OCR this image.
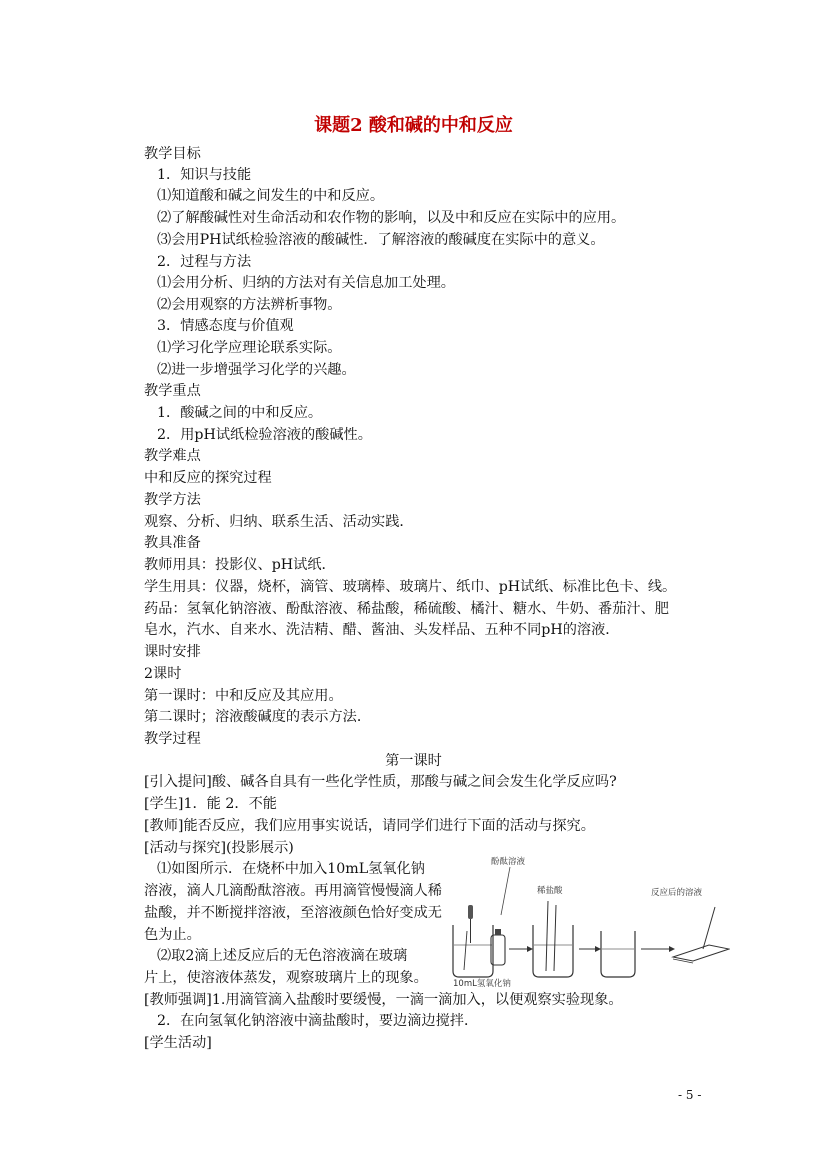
课题2 酸和碱的中和反应
教学目标
1．知识与技能
⑴知道酸和碱之间发生的中和反应。
⑵了解酸碱性对生命活动和农作物的影响，以及中和反应在实际中的应用。
⑶会用PH试纸检验溶液的酸碱性．了解溶液的酸碱度在实际中的意义。
2．过程与方法
⑴会用分析、归纳的方法对有关信息加工处理。
⑵会用观察的方法辨析事物。
3．情感态度与价值观
⑴学习化学应理论联系实际。
⑵进一步增强学习化学的兴趣。
教学重点
1．酸碱之间的中和反应。
2．用pH试纸检验溶液的酸碱性。
教学难点
中和反应的探究过程
教学方法
观察、分析、归纳、联系生活、活动实践．
教具准备
教师用具：投影仪、pH试纸．
学生用具：仪器，烧杯，滴管、玻璃棒、玻璃片、纸巾、pH试纸、标准比色卡、线。
药品：氢氧化钠溶液、酚酞溶液、稀盐酸，稀硫酸、橘汁、糖水、牛奶、番茄汁、肥
皂水，汽水、自来水、洗洁精、醋、酱油、头发样品、五种不同pH的溶液．
课时安排
2课时
第一课时：中和反应及其应用。
第二课时；溶液酸碱度的表示方法．
教学过程
第一课时
[引入提问]酸、碱各自具有一些化学性质，那酸与碱之间会发生化学反应吗?
[学生]1．能 2．不能
[教师]能否反应，我们应用事实说话，请同学们进行下面的活动与探究。
[活动与探究](投影展示)
⑴如图所示．在烧杯中加入10mL氢氧化钠
溶液，滴人几滴酚酞溶液。再用滴管慢慢滴人稀
盐酸，并不断搅拌溶液，至溶液颜色恰好变成无
色为止。
⑵取2滴上述反应后的无色溶液滴在玻璃
片上，使溶液体蒸发，观察玻璃片上的现象。
[教师强调]1.用滴管滴入盐酸时要缓慢，一滴一滴加入，以便观察实验现象。
2．在向氢氧化钠溶液中滴盐酸时，要边滴边搅拌．
[学生活动]
酚酞溶液
10mL氢氧化钠
稀盐酸	反应后的溶液
- 5 -
